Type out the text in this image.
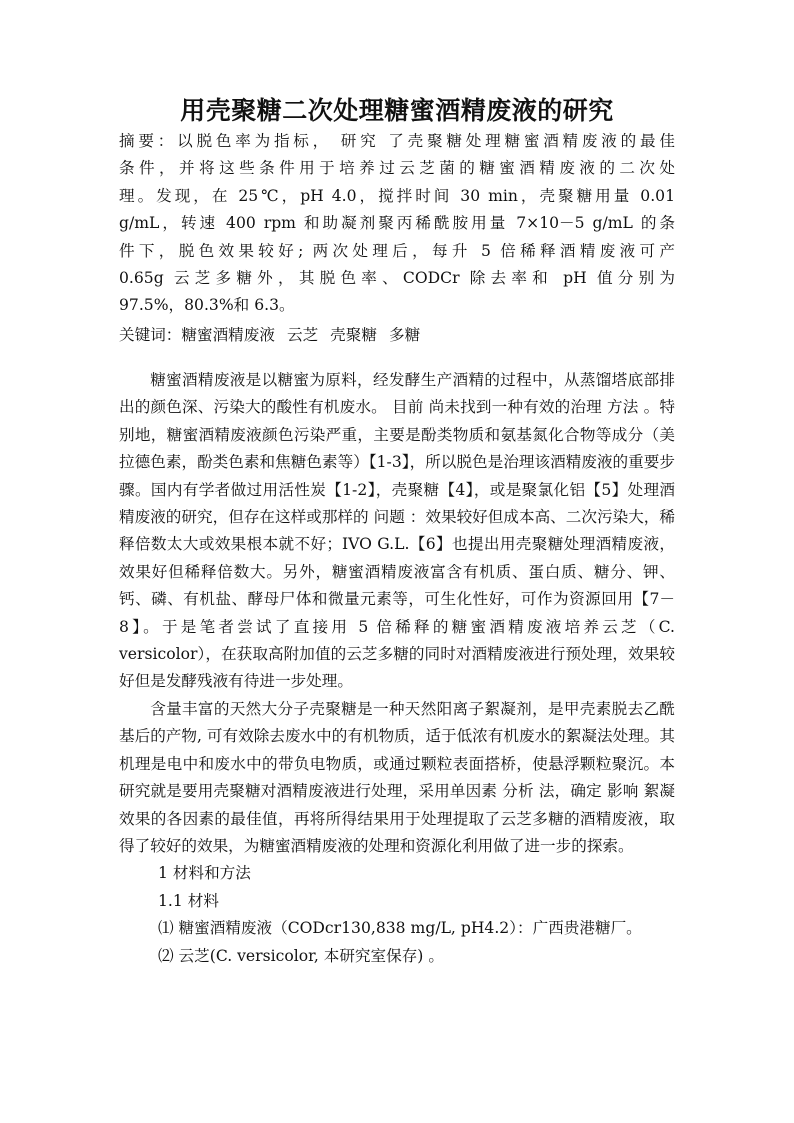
用壳聚糖二次处理糖蜜酒精废液的研究
摘要：以脱色率为指标， 研究 了壳聚糖处理糖蜜酒精废液的最佳
条件，并将这些条件用于培养过云芝菌的糖蜜酒精废液的二次处
理。发现，在 25℃，pH 4.0，搅拌时间 30 min，壳聚糖用量 0.01
g/mL，转速 400 rpm 和助凝剂聚丙稀酰胺用量 7×10－5 g/mL 的条
件下，脱色效果较好; 两次处理后，每升 5 倍稀释酒精废液可产
0.65g 云芝多糖外，其脱色率、CODCr 除去率和 pH 值分别为
97.5%，80.3%和 6.3。
关键词：糖蜜酒精废液 云芝 壳聚糖 多糖

糖蜜酒精废液是以糖蜜为原料，经发酵生产酒精的过程中，从蒸馏塔底部排出的颜色深、污染大的酸性有机废水。 目前 尚未找到一种有效的治理 方法 。特别地，糖蜜酒精废液颜色污染严重，主要是酚类物质和氨基氮化合物等成分（美拉德色素，酚类色素和焦糖色素等）【1-3】，所以脱色是治理该酒精废液的重要步骤。国内有学者做过用活性炭【1-2】，壳聚糖【4】，或是聚氯化铝【5】处理酒精废液的研究，但存在这样或那样的 问题 ：效果较好但成本高、二次污染大，稀释倍数太大或效果根本就不好；IVO G.L.【6】也提出用壳聚糖处理酒精废液，效果好但稀释倍数大。另外，糖蜜酒精废液富含有机质、蛋白质、糖分、钾、钙、磷、有机盐、酵母尸体和微量元素等，可生化性好，可作为资源回用【7－8】。于是笔者尝试了直接用 5 倍稀释的糖蜜酒精废液培养云芝（C. versicolor），在获取高附加值的云芝多糖的同时对酒精废液进行预处理，效果较好但是发酵残液有待进一步处理。

含量丰富的天然大分子壳聚糖是一种天然阳离子絮凝剂，是甲壳素脱去乙酰基后的产物, 可有效除去废水中的有机物质，适于低浓有机废水的絮凝法处理。其机理是电中和废水中的带负电物质，或通过颗粒表面搭桥，使悬浮颗粒聚沉。本研究就是要用壳聚糖对酒精废液进行处理，采用单因素 分析 法，确定 影响 絮凝效果的各因素的最佳值，再将所得结果用于处理提取了云芝多糖的酒精废液，取得了较好的效果，为糖蜜酒精废液的处理和资源化利用做了进一步的探索。

1 材料和方法

1.1 材料

⑴ 糖蜜酒精废液（CODcr130,838 mg/L, pH4.2）：广西贵港糖厂。

⑵ 云芝(C. versicolor, 本研究室保存) 。
